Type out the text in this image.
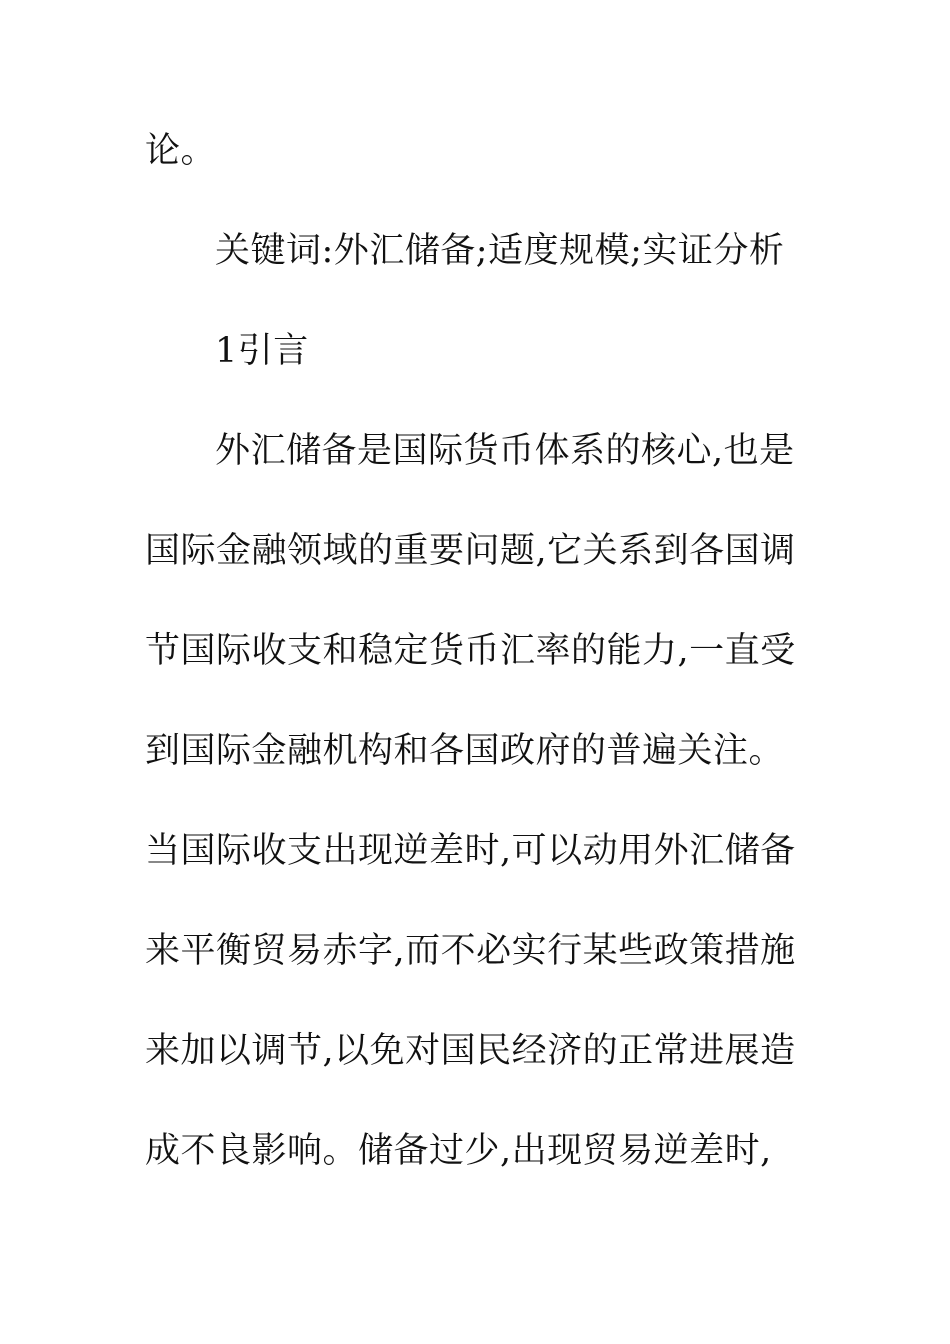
论。
关键词:外汇储备;适度规模;实证分析
1引言
外汇储备是国际货币体系的核心,也是
国际金融领域的重要问题,它关系到各国调
节国际收支和稳定货币汇率的能力,一直受
到国际金融机构和各国政府的普遍关注。
当国际收支出现逆差时,可以动用外汇储备
来平衡贸易赤字,而不必实行某些政策措施
来加以调节,以免对国民经济的正常进展造
成不良影响。储备过少,出现贸易逆差时,
